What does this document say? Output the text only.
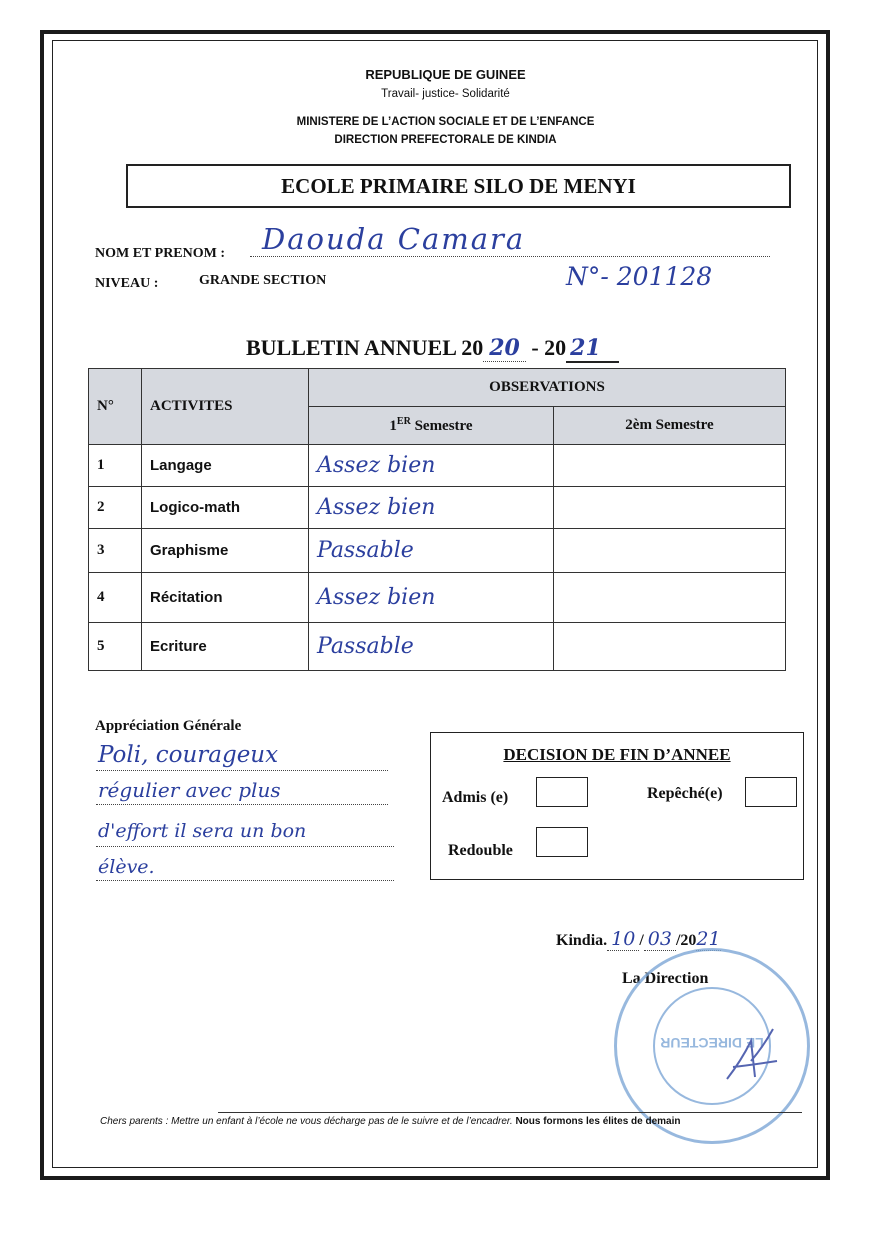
REPUBLIQUE DE GUINEE
Travail- justice- Solidarité
MINISTERE DE L’ACTION SOCIALE ET DE L’ENFANCE
DIRECTION PREFECTORALE DE KINDIA
ECOLE PRIMAIRE SILO DE MENYI
NOM ET PRENOM : Daouda Camara
NIVEAU :	GRANDE SECTION	N°- 201128
BULLETIN ANNUEL 20 20 - 20 21
N°	ACTIVITES	OBSERVATIONS	
		1ER Semestre	2èm Semestre
1	Langage	Assez bien	
2	Logico-math	Assez bien	
3	Graphisme	Passable	
4	Récitation	Assez bien	
5	Ecriture	Passable	
Appréciation Générale
Poli, courageux
régulier avec plus
d'effort il sera un bon
élève.
DECISION DE FIN D’ANNEE
Admis (e)	Repêché(e)
Redouble
Kindia. 10 / 03 /2021
La Direction
LE DIRECTEUR
Chers parents : Mettre un enfant à l’école ne vous décharge pas de le suivre et de l’encadrer. Nous formons les élites de demain
